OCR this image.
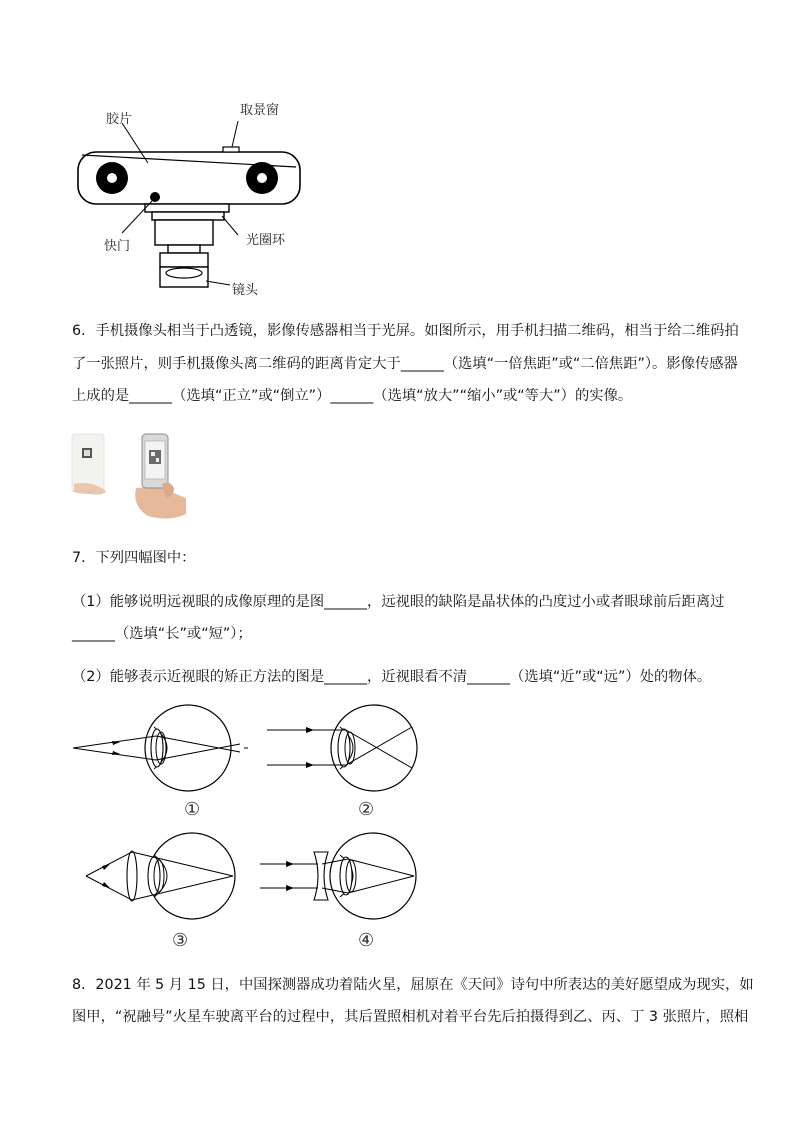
胶片
取景窗
快门	光圈环
镜头
6．手机摄像头相当于凸透镜，影像传感器相当于光屏。如图所示，用手机扫描二维码，相当于给二维码拍
了一张照片，则手机摄像头离二维码的距离肯定大于______（选填“一倍焦距”或“二倍焦距”）。影像传感器
上成的是______（选填“正立”或“倒立”）______（选填“放大”“缩小”或“等大”）的实像。
7．下列四幅图中：
（1）能够说明远视眼的成像原理的是图______，远视眼的缺陷是晶状体的凸度过小或者眼球前后距离过
______（选填“长”或“短”）；
（2）能够表示近视眼的矫正方法的图是______，近视眼看不清______（选填“近”或“远”）处的物体。
①	②
③	④
8．2021 年 5 月 15 日，中国探测器成功着陆火星，屈原在《天问》诗句中所表达的美好愿望成为现实，如
图甲，“祝融号”火星车驶离平台的过程中，其后置照相机对着平台先后拍摄得到乙、丙、丁 3 张照片，照相
